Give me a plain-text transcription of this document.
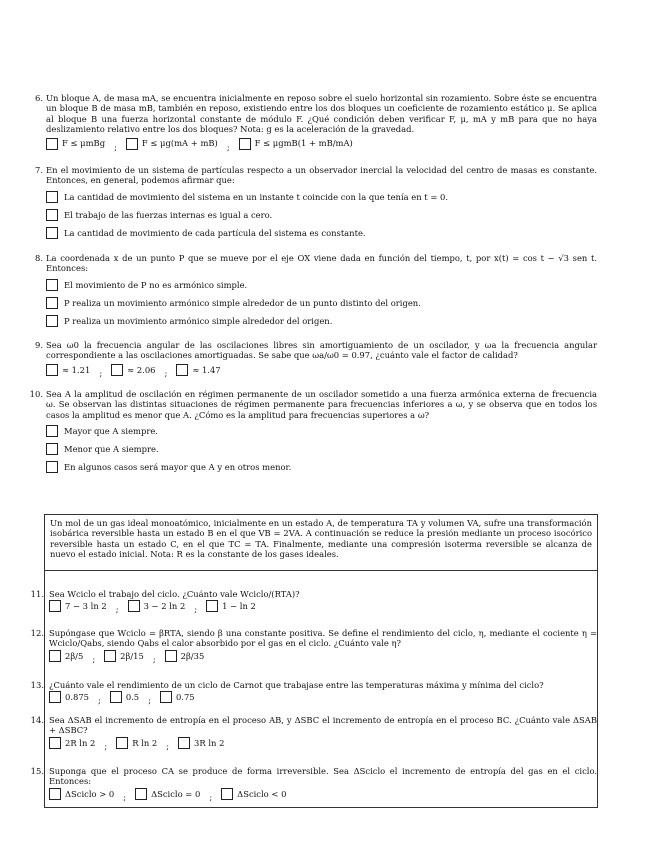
6. Un bloque A, de masa mA, se encuentra inicialmente en reposo sobre el suelo horizontal sin rozamiento. Sobre éste se encuentra un bloque B de masa mB, también en reposo, existiendo entre los dos bloques un coeficiente de rozamiento estático μ. Se aplica al bloque B una fuerza horizontal constante de módulo F. ¿Qué condición deben verificar F, μ, mA y mB para que no haya deslizamiento relativo entre los dos bloques? Nota: g es la aceleración de la gravedad.
F ≤ μmBg ;	F ≤ μg(mA + mB) ;	F ≤ μgmB(1 + mB/mA)
7. En el movimiento de un sistema de partículas respecto a un observador inercial la velocidad del centro de masas es constante. Entonces, en general, podemos afirmar que:
La cantidad de movimiento del sistema en un instante t coincide con la que tenía en t = 0.
El trabajo de las fuerzas internas es igual a cero.
La cantidad de movimiento de cada partícula del sistema es constante.
8. La coordenada x de un punto P que se mueve por el eje OX viene dada en función del tiempo, t, por x(t) = cos t − √3 sen t. Entonces:
El movimiento de P no es armónico simple.
P realiza un movimiento armónico simple alrededor de un punto distinto del origen.
P realiza un movimiento armónico simple alrededor del origen.
9. Sea ω0 la frecuencia angular de las oscilaciones libres sin amortiguamiento de un oscilador, y ωa la frecuencia angular correspondiente a las oscilaciones amortiguadas. Se sabe que ωa/ω0 = 0.97, ¿cuánto vale el factor de calidad?
≈ 1.21 ;	≈ 2.06 ;	≈ 1.47
10. Sea A la amplitud de oscilación en régimen permanente de un oscilador sometido a una fuerza armónica externa de frecuencia ω. Se observan las distintas situaciones de régimen permanente para frecuencias inferiores a ω, y se observa que en todos los casos la amplitud es menor que A. ¿Cómo es la amplitud para frecuencias superiores a ω?
Mayor que A siempre.
Menor que A siempre.
En algunos casos será mayor que A y en otros menor.
Un mol de un gas ideal monoatómico, inicialmente en un estado A, de temperatura TA y volumen VA, sufre una transformación isobárica reversible hasta un estado B en el que VB = 2VA. A continuación se reduce la presión mediante un proceso isocórico reversible hasta un estado C, en el que TC = TA. Finalmente, mediante una compresión isoterma reversible se alcanza de nuevo el estado inicial. Nota: R es la constante de los gases ideales.
11. Sea Wciclo el trabajo del ciclo. ¿Cuánto vale Wciclo/(RTA)?
7 − 3 ln 2 ;	3 − 2 ln 2 ;	1 − ln 2
12. Supóngase que Wciclo = βRTA, siendo β una constante positiva. Se define el rendimiento del ciclo, η, mediante el cociente η = Wciclo/Qabs, siendo Qabs el calor absorbido por el gas en el ciclo. ¿Cuánto vale η?
2β/5 ;	2β/15 ;	2β/35
13. ¿Cuánto vale el rendimiento de un ciclo de Carnot que trabajase entre las temperaturas máxima y mínima del ciclo?
0.875 ;	0.5 ;	0.75
14. Sea ΔSAB el incremento de entropía en el proceso AB, y ΔSBC el incremento de entropía en el proceso BC. ¿Cuánto vale ΔSAB + ΔSBC?
2R ln 2 ;	R ln 2 ;	3R ln 2
15. Suponga que el proceso CA se produce de forma irreversible. Sea ΔSciclo el incremento de entropía del gas en el ciclo. Entonces:
ΔSciclo > 0 ;	ΔSciclo = 0 ;	ΔSciclo < 0
